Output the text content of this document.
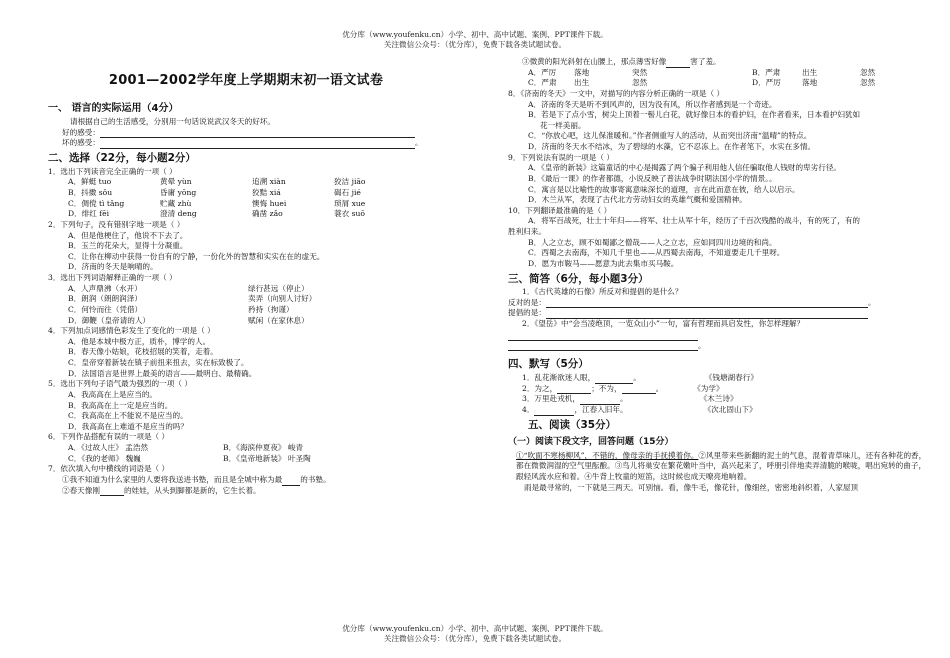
优分库（www.youfenku.cn）小学、初中、高中试题、案例、PPT课件下载。
关注微信公众号：（优分库），免费下载各类试题试卷。
2001—2002学年度上学期期末初一语文试卷
一、 语言的实际运用（4分）
请根据自己的生活感受，分别用一句话说说武汉冬天的好坏。
好的感受：
坏的感受：	。
二、选择（22分，每小题2分）
1．选出下列读音完全正确的一项（ ）
A．鲜蜓 tuo	黄晕 yùn	追溯 xiàn	狡洁 jiāo
B．抖擞 sǒu	昏庸 yōng	狡黠 xiá	碣石 jié
C．倜傥 tì tǎng	贮藏 zhù	懊悔 huei	琐屑 xue
D．绯红 fēi	澄清 deng	确凿 zǎo	蓑衣 suō
2．下列句子，没有错别字地一项是（ ）
A．但是他梗住了，他说不下去了。
B．玉兰的花朵大，显得十分凝重。
C．让你在柳动中获得一份自有的宁静，一份化外的智慧和实实在在的虚无。
D．济南的冬天是响晴的。
3．选出下列词语解释正确的一项（ ）
A．人声鼎沸（水开）	绿行甚远（停止）
B．朗润（朗朗润泽）	卖弄（向别人讨好）
C．何怜而往（凭借）	矜持（拘谨）
D．御鞭（皇帝请的人）	赋闲（在家休息）
4．下列加点词感情色彩发生了变化的一项是（ ）
A．他是本城中极方正，质朴，博学的人。
B．春天像小姑娘，花枝招展的笑着，走着。
C．皇帝穿着新装在镇子前扭来扭去，实在标致极了。
D．法国语言是世界上最美的语言——最明白、最精确。
5．选出下列句子语气最为强烈的一项（ ）
A．我高高在上是应当的。
B．我高高在上一定是应当的。
C．我高高在上不能说不是应当的。
D．我高高在上难道不是应当的吗？
6．下列作品搭配有误的一项是（ ）
A．《过故人庄》 孟浩然	B．《海滨仲夏夜》 峻青
C．《我的老师》 魏巍	B．《皇帝地新装》 叶圣陶
7．依次填入句中横线的词语是（ ）
①我不知道为什么家里的人要将我送进书塾，而且是全城中称为最 的书塾。
②春天像刚	的娃娃，从头到脚都是新的，它生长着。
③微黄的阳光斜射在山腰上，那点薄雪好像	害了羞。
A．严厉	落地	突然	B．严肃	出生	忽然
C．严肃	出生	忽然	D．严厉	落地	忽然
8．《济南的冬天》一文中，对描写的内容分析正确的一项是（ ）
A．济南的冬天是听不到风声的，因为没有风，所以作者感到是一个奇迹。
B．若是下了点小雪，树尖上顶着一髻儿白花，就好像日本的看护妇，在作者看来，日本看护妇犹如
花一样美丽。
C．“你放心吧，这儿保准暖和。”作者侧重写人的活动，从而突出济南“温晴”的特点。
D．济南的冬天水不结冰，为了碧绿的水藻，它不忍冻上。在作者笔下，水实在多情。
9．下列说法有误的一项是（ ）
A．《皇帝的新装》这篇童话的中心是揭露了两个骗子利用他人信任骗取他人钱财的卑劣行径。
B．《最后一课》的作者都德，小说反映了普法战争时期法国小学的情景。。
C．寓言是以比喻性的故事寄寓意味深长的道理，言在此而意在彼，给人以启示。
D．木兰从军，表现了古代北方劳动妇女的英雄气概和爱国精神。
10．下列翻译最准确的是（ ）
A．将军百战死，壮士十年归——将军、壮士从军十年，经历了千百次残酷的战斗，有的死了，有的
胜利归来。
B．人之立志，顾不如蜀鄙之僧哉——人之立志，应如同四川边境的和尚。
C．西蜀之去南海，不知几千里也——从西蜀去南海，不知道要走几千里呀。
D．愿为市鞍马——愿意为此去集市买马鞍。
三、简答（6分，每小题3分）
1．《古代英雄的石像》所反对和提倡的是什么？
反对的是：	。
提倡的是：
2．《望岳》中“会当凌绝顶，一览众山小”一句，富有哲理而具启发性，你怎样理解？
。
四、默写（5分）
1．乱花渐欲迷人眼，	。	《钱塘湖春行》
2．为之，	；不为，	。	《为学》
3．万里赴戎机，	。	《木兰诗》
4．	，江春入旧年。	《次北固山下》
五、阅读（35分）
（一）阅读下段文字，回答问题（15分）
①“吹面不寒杨柳风”，不错的，像母亲的手抚摸着你。②风里带来些新翻的泥土的气息，混着青草味儿，还有各种花的香，都在微微润湿的空气里酝酿。③鸟儿将巢安在繁花嫩叶当中，高兴起来了，呼朋引伴地卖弄清脆的喉咙，唱出宛转的曲子，跟轻风流水应和着。④牛背上牧童的短笛，这时候也成天嘹亮地响着。
雨是最寻常的，一下就是三两天。可别恼。看，像牛毛，像花针，像细丝，密密地斜织着，人家屋顶
优分库（www.youfenku.cn）小学、初中、高中试题、案例、PPT课件下载。
关注微信公众号：（优分库），免费下载各类试题试卷。
